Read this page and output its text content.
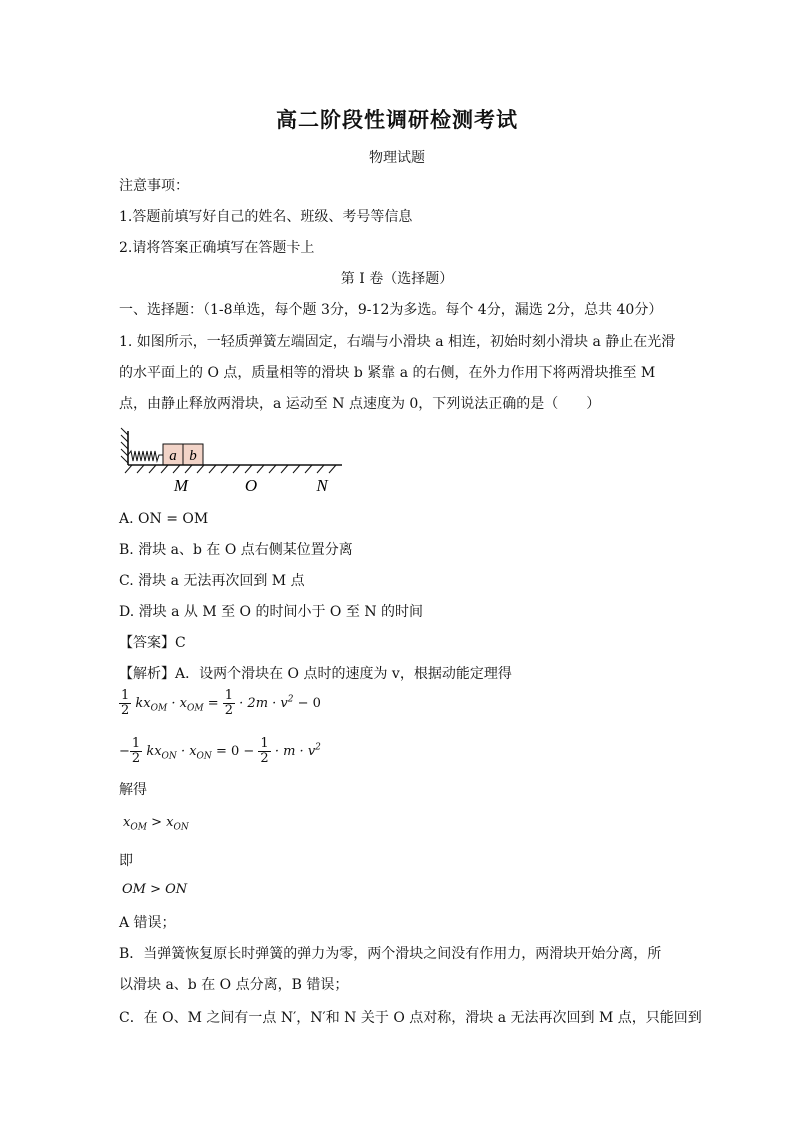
高二阶段性调研检测考试
物理试题
注意事项：
1.答题前填写好自己的姓名、班级、考号等信息
2.请将答案正确填写在答题卡上
第 I 卷（选择题）
一、选择题：（1-8单选，每个题 3分，9-12为多选。每个 4分，漏选 2分，总共 40分）
1. 如图所示，一轻质弹簧左端固定，右端与小滑块 a 相连，初始时刻小滑块 a 静止在光滑
的水平面上的 O 点，质量相等的滑块 b 紧靠 a 的右侧，在外力作用下将两滑块推至 M
点，由静止释放两滑块，a 运动至 N 点速度为 0，下列说法正确的是（　　）
a b
M	O	N
A. ON = OM
B. 滑块 a、b 在 O 点右侧某位置分离
C. 滑块 a 无法再次回到 M 点
D. 滑块 a 从 M 至 O 的时间小于 O 至 N 的时间
【答案】C
【解析】A．设两个滑块在 O 点时的速度为 v，根据动能定理得
$\frac{1}{2} kx_{OM} \cdot x_{OM} = \frac{1}{2} \cdot 2m \cdot v^2 - 0$
− $\frac{1}{2} kx_{ON} \cdot x_{ON} = 0 - \frac{1}{2} \cdot m \cdot v^2$
解得
$x_{OM} > x_{ON}$
即
OM > ON
A 错误；
B．当弹簧恢复原长时弹簧的弹力为零，两个滑块之间没有作用力，两滑块开始分离，所
以滑块 a、b 在 O 点分离，B 错误；
C．在 O、M 之间有一点 N′，N′和 N 关于 O 点对称，滑块 a 无法再次回到 M 点，只能回到
